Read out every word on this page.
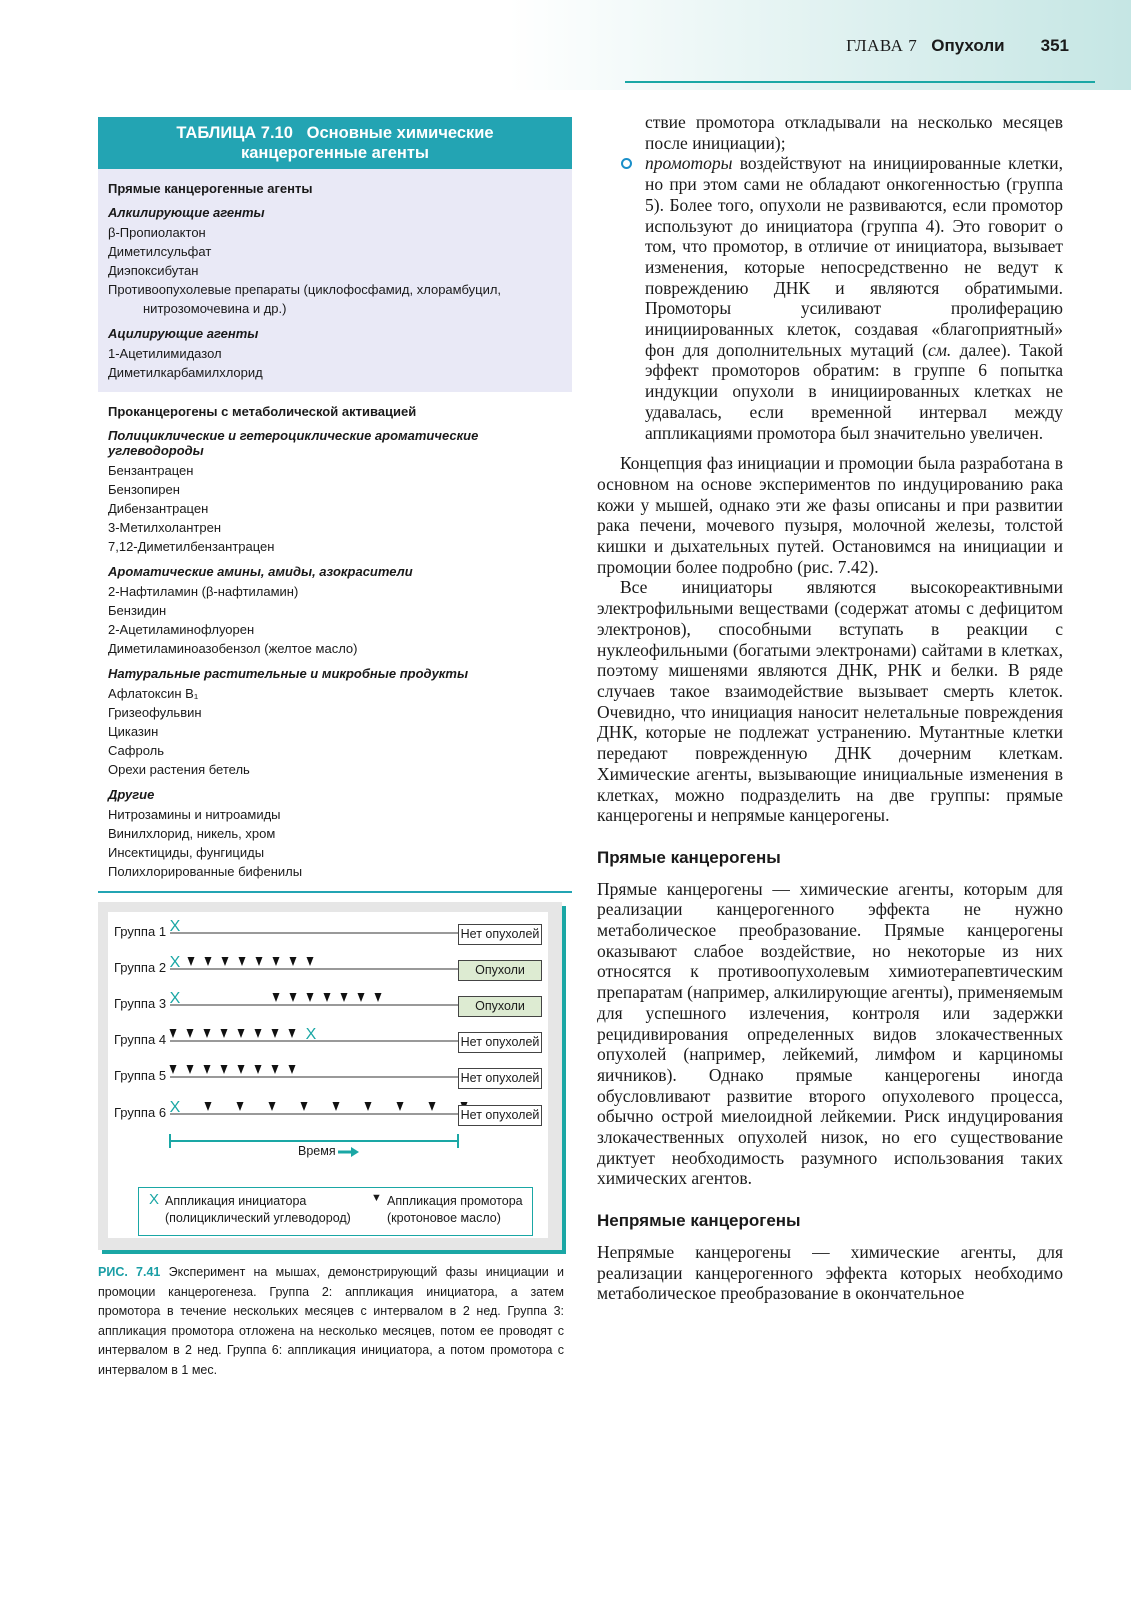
ГЛАВА 7 Опухоли 351
ТАБЛИЦА 7.10   Основные химические
канцерогенные агенты
Прямые канцерогенные агенты
Алкилирующие агенты
β-Пропиолактон
Диметилсульфат
Диэпоксибутан
Противоопухолевые препараты (циклофосфамид, хлорамбуцил,
нитрозомочевина и др.)
Ацилирующие агенты
1-Ацетилимидазол
Диметилкарбамилхлорид
Проканцерогены с метаболической активацией
Полициклические и гетероциклические ароматические углеводороды
Бензантрацен
Бензопирен
Дибензантрацен
3-Метилхолантрен
7,12-Диметилбензантрацен
Ароматические амины, амиды, азокрасители
2-Нафтиламин (β-нафтиламин)
Бензидин
2-Ацетиламинофлуорен
Диметиламиноазобензол (желтое масло)
Натуральные растительные и микробные продукты
Афлатоксин B₁
Гризеофульвин
Циказин
Сафроль
Орехи растения бетель
Другие
Нитрозамины и нитроамиды
Винилхлорид, никель, хром
Инсектициды, фунгициды
Полихлорированные бифенилы
Группа 1
Группа 2
Группа 3
Группа 4
Группа 5
Группа 6
X
X
X
X
X
Время
Нет опухолей
Опухоли
Опухоли
Нет опухолей
Нет опухолей
Нет опухолей
X Аппликация инициатора
(полициклический углеводород)
▼ Аппликация промотора
(кротоновое масло)
РИС. 7.41 Эксперимент на мышах, демонстрирующий фазы инициации и промоции канцерогенеза. Группа 2: аппликация инициатора, а затем промотора в течение нескольких месяцев с интервалом в 2 нед. Группа 3: аппликация промотора отложена на несколько месяцев, потом ее проводят с интервалом в 2 нед. Группа 6: аппликация инициатора, а потом промотора с интервалом в 1 мес.

ствие промотора откладывали на несколько месяцев после инициации);

промоторы воздействуют на инициированные клетки, но при этом сами не обладают онкогенностью (группа 5). Более того, опухоли не развиваются, если промотор используют до инициатора (группа 4). Это говорит о том, что промотор, в отличие от инициатора, вызывает изменения, которые непосредственно не ведут к повреждению ДНК и являются обратимыми. Промоторы усиливают пролиферацию инициированных клеток, создавая «благоприятный» фон для дополнительных мутаций (см. далее). Такой эффект промоторов обратим: в группе 6 попытка индукции опухоли в инициированных клетках не удавалась, если временной интервал между аппликациями промотора был значительно увеличен.

Концепция фаз инициации и промоции была разработана в основном на основе экспериментов по индуцированию рака кожи у мышей, однако эти же фазы описаны и при развитии рака печени, мочевого пузыря, молочной железы, толстой кишки и дыхательных путей. Остановимся на инициации и промоции более подробно (рис. 7.42).

Все инициаторы являются высокореактивными электрофильными веществами (содержат атомы с дефицитом электронов), способными вступать в реакции с нуклеофильными (богатыми электронами) сайтами в клетках, поэтому мишенями являются ДНК, РНК и белки. В ряде случаев такое взаимодействие вызывает смерть клеток. Очевидно, что инициация наносит нелетальные повреждения ДНК, которые не подлежат устранению. Мутантные клетки передают поврежденную ДНК дочерним клеткам. Химические агенты, вызывающие инициальные изменения в клетках, можно подразделить на две группы: прямые канцерогены и непрямые канцерогены.

Прямые канцерогены

Прямые канцерогены — химические агенты, которым для реализации канцерогенного эффекта не нужно метаболическое преобразование. Прямые канцерогены оказывают слабое воздействие, но некоторые из них относятся к противоопухолевым химиотерапевтическим препаратам (например, алкилирующие агенты), применяемым для успешного излечения, контроля или задержки рецидивирования определенных видов злокачественных опухолей (например, лейкемий, лимфом и карциномы яичников). Однако прямые канцерогены иногда обусловливают развитие второго опухолевого процесса, обычно острой миелоидной лейкемии. Риск индуцирования злокачественных опухолей низок, но его существование диктует необходимость разумного использования таких химических агентов.

Непрямые канцерогены

Непрямые канцерогены — химические агенты, для реализации канцерогенного эффекта которых необходимо метаболическое преобразование в окончательное
